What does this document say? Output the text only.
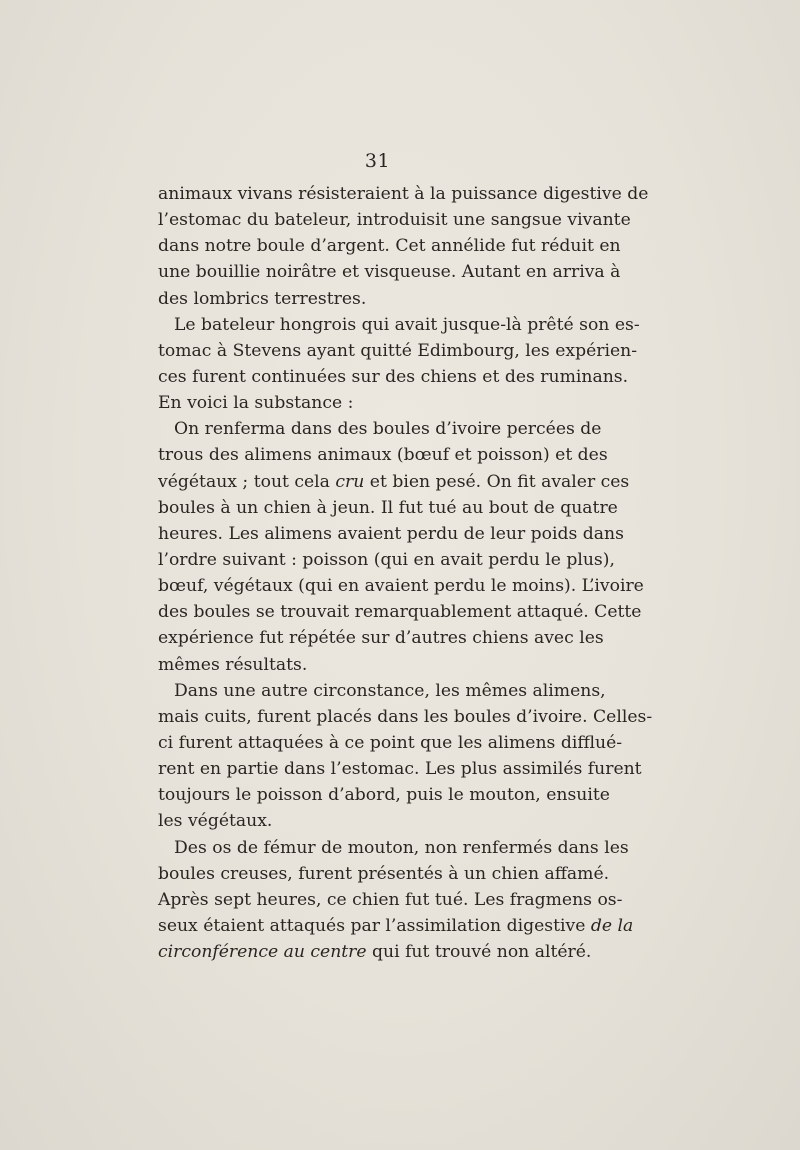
31
animaux vivans résisteraient à la puissance digestive de
l’estomac du bateleur, introduisit une sangsue vivante
dans notre boule d’argent. Cet annélide fut réduit en
une bouillie noirâtre et visqueuse. Autant en arriva à
des lombrics terrestres.
Le bateleur hongrois qui avait jusque-là prêté son es-
tomac à Stevens ayant quitté Edimbourg, les expérien-
ces furent continuées sur des chiens et des ruminans.
En voici la substance :
On renferma dans des boules d’ivoire percées de
trous des alimens animaux (bœuf et poisson) et des
végétaux ; tout cela cru et bien pesé. On fit avaler ces
boules à un chien à jeun. Il fut tué au bout de quatre
heures. Les alimens avaient perdu de leur poids dans
l’ordre suivant : poisson (qui en avait perdu le plus),
bœuf, végétaux (qui en avaient perdu le moins). L’ivoire
des boules se trouvait remarquablement attaqué. Cette
expérience fut répétée sur d’autres chiens avec les
mêmes résultats.
Dans une autre circonstance, les mêmes alimens,
mais cuits, furent placés dans les boules d’ivoire. Celles-
ci furent attaquées à ce point que les alimens difflué-
rent en partie dans l’estomac. Les plus assimilés furent
toujours le poisson d’abord, puis le mouton, ensuite
les végétaux.
Des os de fémur de mouton, non renfermés dans les
boules creuses, furent présentés à un chien affamé.
Après sept heures, ce chien fut tué. Les fragmens os-
seux étaient attaqués par l’assimilation digestive de la
circonférence au centre qui fut trouvé non altéré.
